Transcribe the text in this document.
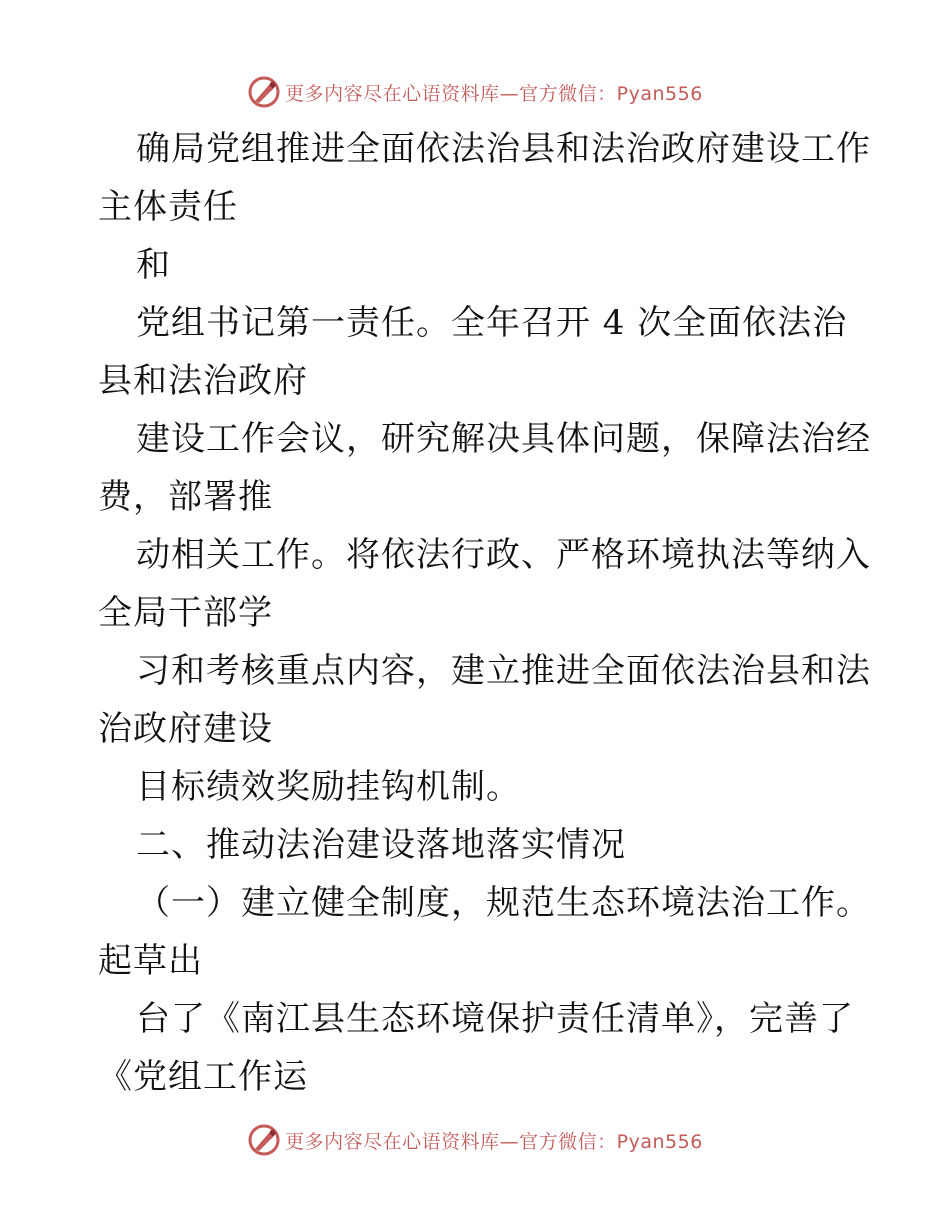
更多内容尽在心语资料库—官方微信：Pyan556
确局党组推进全面依法治县和法治政府建设工作
主体责任
和
党组书记第一责任。全年召开 4 次全面依法治
县和法治政府
建设工作会议，研究解决具体问题，保障法治经
费，部署推
动相关工作。将依法行政、严格环境执法等纳入
全局干部学
习和考核重点内容，建立推进全面依法治县和法
治政府建设
目标绩效奖励挂钩机制。
二、推动法治建设落地落实情况
（一）建立健全制度，规范生态环境法治工作。
起草出
台了《南江县生态环境保护责任清单》，完善了
《党组工作运
更多内容尽在心语资料库—官方微信：Pyan556
